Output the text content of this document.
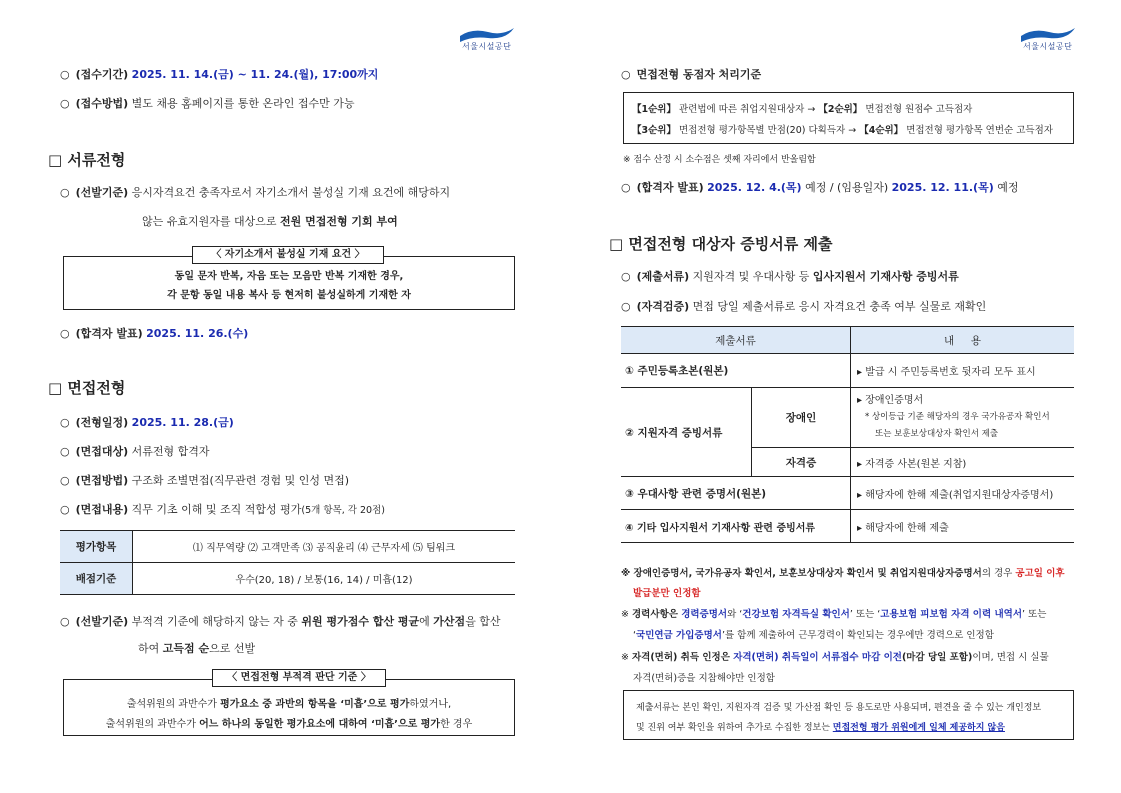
서울시설공단
○ (접수기간) 2025. 11. 14.(금) ~ 11. 24.(월), 17:00까지
○ (접수방법) 별도 채용 홈페이지를 통한 온라인 접수만 가능
□ 서류전형
○ (선발기준) 응시자격요건 충족자로서 자기소개서 불성실 기재 요건에 해당하지
않는 유효지원자를 대상으로 전원 면접전형 기회 부여
동일 문자 반복, 자음 또는 모음만 반복 기재한 경우,
각 문항 동일 내용 복사 등 현저히 불성실하게 기재한 자
〈 자기소개서 불성실 기재 요건 〉
○ (합격자 발표) 2025. 11. 26.(수)
□ 면접전형
○ (전형일정) 2025. 11. 28.(금)
○ (면접대상) 서류전형 합격자
○ (면접방법) 구조화 조별면접(직무관련 경험 및 인성 면접)
○ (면접내용) 직무 기초 이해 및 조직 적합성 평가(5개 항목, 각 20점)
평가항목	⑴ 직무역량 ⑵ 고객만족 ⑶ 공직윤리 ⑷ 근무자세 ⑸ 팀워크
배점기준	우수(20, 18) / 보통(16, 14) / 미흡(12)
○ (선발기준) 부적격 기준에 해당하지 않는 자 중 위원 평가점수 합산 평균에 가산점을 합산
하여 고득점 순으로 선발
출석위원의 과반수가 평가요소 중 과반의 항목을 ‘미흡’으로 평가하였거나,
출석위원의 과반수가 어느 하나의 동일한 평가요소에 대하여 ‘미흡’으로 평가한 경우
〈 면접전형 부적격 판단 기준 〉
서울시설공단
○ 면접전형 동점자 처리기준
【1순위】 관련법에 따른 취업지원대상자 → 【2순위】 면접전형 원점수 고득점자
【3순위】 면접전형 평가항목별 만점(20) 다획득자 → 【4순위】 면접전형 평가항목 연번순 고득점자
※ 점수 산정 시 소수점은 셋째 자리에서 반올림함
○ (합격자 발표) 2025. 12. 4.(목) 예정 / (임용일자) 2025. 12. 11.(목) 예정
□ 면접전형 대상자 증빙서류 제출
○ (제출서류) 지원자격 및 우대사항 등 입사지원서 기재사항 증빙서류
○ (자격검증) 면접 당일 제출서류로 응시 자격요건 충족 여부 실물로 재확인
제출서류		내     용
① 주민등록초본(원본)		▸ 발급 시 주민등록번호 뒷자리 모두 표시
② 지원자격 증빙서류	장애인	▸ 장애인증명서
* 상이등급 기준 해당자의 경우 국가유공자 확인서
또는 보훈보상대상자 확인서 제출

	자격증	▸ 자격증 사본(원본 지참)
③ 우대사항 관련 증명서(원본)		▸ 해당자에 한해 제출(취업지원대상자증명서)
④ 기타 입사지원서 기재사항 관련 증빙서류		▸ 해당자에 한해 제출
※ 장애인증명서, 국가유공자 확인서, 보훈보상대상자 확인서 및 취업지원대상자증명서의 경우 공고일 이후
발급분만 인정함
※ 경력사항은 경력증명서와 ‘건강보험 자격득실 확인서’ 또는 ‘고용보험 피보험 자격 이력 내역서’ 또는
‘국민연금 가입증명서’를 함께 제출하여 근무경력이 확인되는 경우에만 경력으로 인정함
※ 자격(면허) 취득 인정은 자격(면허) 취득일이 서류접수 마감 이전(마감 당일 포함)이며, 면접 시 실물
자격(면허)증을 지참해야만 인정함
제출서류는 본인 확인, 지원자격 검증 및 가산점 확인 등 용도로만 사용되며, 편견을 줄 수 있는 개인정보
및 진위 여부 확인을 위하여 추가로 수집한 정보는 면접전형 평가 위원에게 일체 제공하지 않음
